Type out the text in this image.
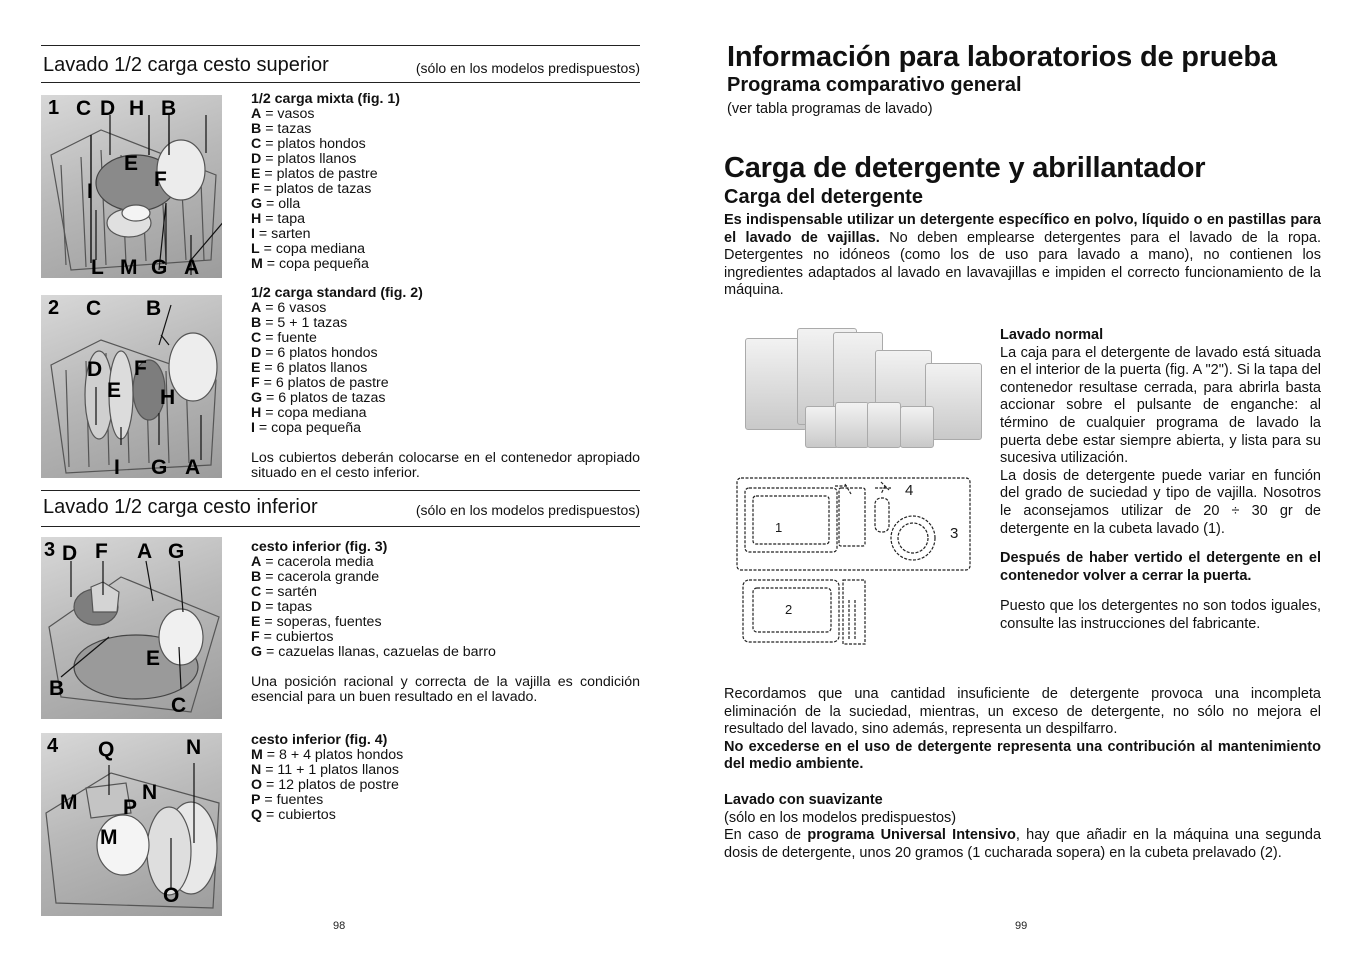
Lavado 1/2 carga cesto superior	(sólo en los modelos predispuestos)
1 C D H B
E
F
I
L M G A
1/2 carga mixta (fig. 1)
A = vasos
B = tazas
C = platos hondos
D = platos llanos
E = platos de pastre
F = platos de tazas
G = olla
H = tapa
I = sarten
L = copa mediana
M = copa pequeña
2 C B
D F
E H
I G A
1/2 carga standard (fig. 2)
A = 6 vasos
B = 5 + 1 tazas
C = fuente
D = 6 platos hondos
E = 6 platos llanos
F = 6 platos de pastre
G = 6 platos de tazas
H = copa mediana
I = copa pequeña

Los cubiertos deberán colocarse en el contenedor apropiado situado en el cesto inferior.

Lavado 1/2 carga cesto inferior	(sólo en los modelos predispuestos)
3 D F A G
E
B
C
cesto inferior (fig. 3)
A = cacerola media
B = cacerola grande
C = sartén
D = tapas
E = soperas, fuentes
F = cubiertos
G = cazuelas llanas, cazuelas de barro

Una posición racional y correcta de la vajilla es condición esencial para un buen resultado en el lavado.

4 Q	N
M P
N
M
O
cesto inferior (fig. 4)
M = 8 + 4 platos hondos
N = 11 + 1 platos llanos
O = 12 platos de postre
P = fuentes
Q = cubiertos
98
Información para laboratorios de prueba
Programa comparativo general
(ver tabla programas de lavado)
Carga de detergente y abrillantador
Carga del detergente

Es indispensable utilizar un detergente específico en polvo, líquido o en pastillas para el lavado de vajillas. No deben emplearse detergentes para el lavado de la ropa. Detergentes no idóneos (como los de uso para lavado a mano), no contienen los ingredientes adaptados al lavado en lavavajillas e impiden el correcto funcionamiento de la máquina.

1
2
3
4

Lavado normal

La caja para el detergente de lavado está situada en el interior de la puerta (fig. A "2"). Si la tapa del contenedor resultase cerrada, para abrirla basta accionar sobre el pulsante de enganche: al término de cualquier programa de lavado la puerta debe estar siempre abierta, y lista para su sucesiva utilización.

La dosis de detergente puede variar en función del grado de suciedad y tipo de vajilla. Nosotros le aconsejamos utilizar de 20 ÷ 30 gr de detergente en la cubeta lavado (1).

Después de haber vertido el detergente en el contenedor volver a cerrar la puerta.

Puesto que los detergentes no son todos iguales, consulte las instrucciones del fabricante.

Recordamos que una cantidad insuficiente de detergente provoca una incompleta eliminación de la suciedad, mientras, un exceso de detergente, no sólo no mejora el resultado del lavado, sino además, representa un despilfarro.

No excederse en el uso de detergente representa una contribución al mantenimiento del medio ambiente.

Lavado con suavizante

(sólo en los modelos predispuestos)

En caso de programa Universal Intensivo, hay que añadir en la máquina una segunda dosis de detergente, unos 20 gramos (1 cucharada sopera) en la cubeta prelavado (2).

99
